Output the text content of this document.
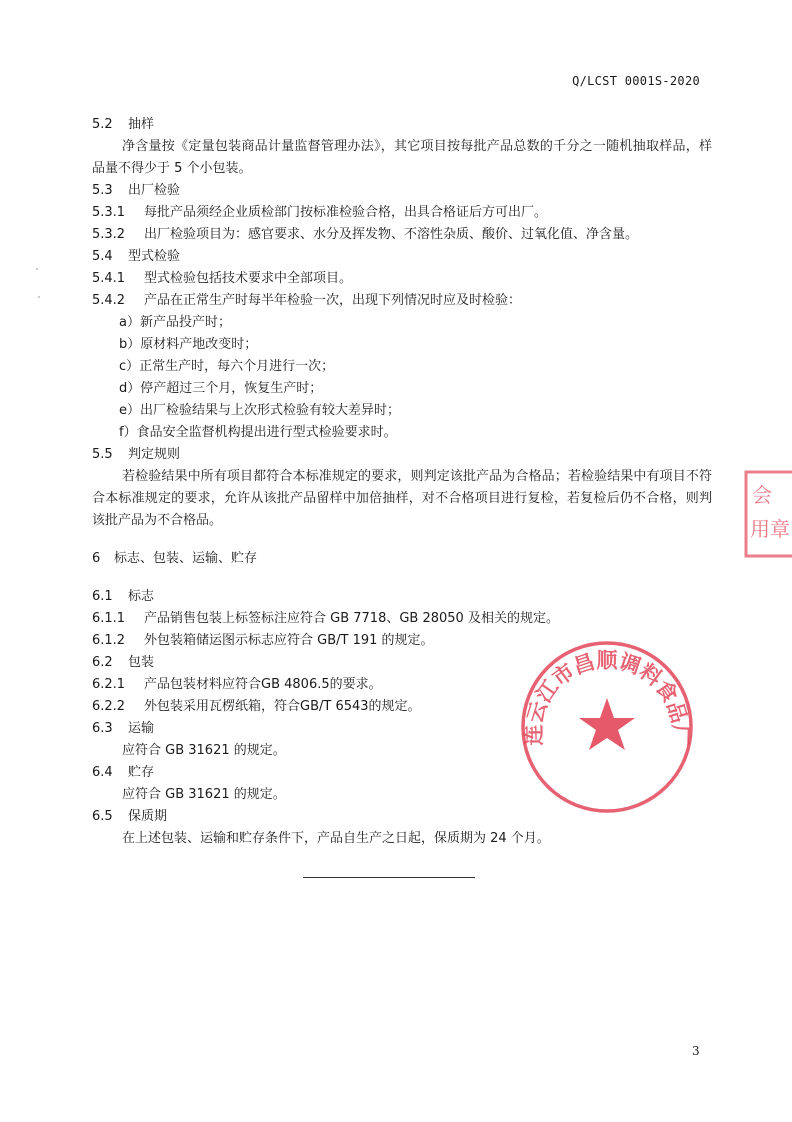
Q/LCST 0001S-2020
5.2 抽样
净含量按《定量包装商品计量监督管理办法》，其它项目按每批产品总数的千分之一随机抽取样品，样品量不得少于 5 个小包装。
5.3 出厂检验
5.3.1 每批产品须经企业质检部门按标准检验合格，出具合格证后方可出厂。
5.3.2 出厂检验项目为：感官要求、水分及挥发物、不溶性杂质、酸价、过氧化值、净含量。
5.4 型式检验
5.4.1 型式检验包括技术要求中全部项目。
5.4.2 产品在正常生产时每半年检验一次，出现下列情况时应及时检验：
a）新产品投产时；
b）原材料产地改变时；
c）正常生产时，每六个月进行一次；
d）停产超过三个月，恢复生产时；
e）出厂检验结果与上次形式检验有较大差异时；
f）食品安全监督机构提出进行型式检验要求时。
5.5 判定规则
若检验结果中所有项目都符合本标准规定的要求，则判定该批产品为合格品；若检验结果中有项目不符合本标准规定的要求，允许从该批产品留样中加倍抽样，对不合格项目进行复检，若复检后仍不合格，则判该批产品为不合格品。
6 标志、包装、运输、贮存
6.1 标志
6.1.1 产品销售包装上标签标注应符合 GB 7718、GB 28050 及相关的规定。
6.1.2 外包装箱储运图示标志应符合 GB/T 191 的规定。
6.2 包装
6.2.1 产品包装材料应符合GB 4806.5的要求。
6.2.2 外包装采用瓦楞纸箱，符合GB/T 6543的规定。
6.3 运输
应符合 GB 31621 的规定。
6.4 贮存
应符合 GB 31621 的规定。
6.5 保质期
在上述包装、运输和贮存条件下，产品自生产之日起，保质期为 24 个月。
连云江市昌顺调料食品厂
会
用章
3
